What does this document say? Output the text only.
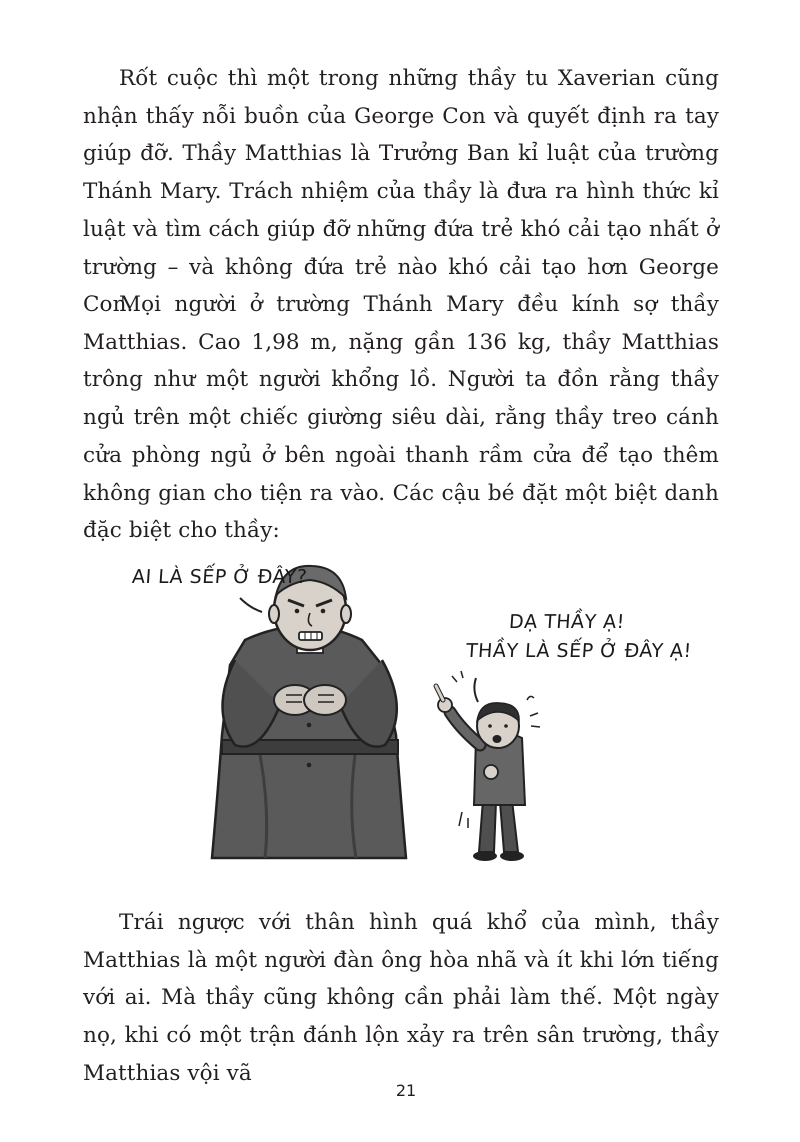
Rốt cuộc thì một trong những thầy tu Xaverian cũng nhận thấy nỗi buồn của George Con và quyết định ra tay giúp đỡ. Thầy Matthias là Trưởng Ban kỉ luật của trường Thánh Mary. Trách nhiệm của thầy là đưa ra hình thức kỉ luật và tìm cách giúp đỡ những đứa trẻ khó cải tạo nhất ở trường – và không đứa trẻ nào khó cải tạo hơn George Con.

Mọi người ở trường Thánh Mary đều kính sợ thầy Matthias. Cao 1,98 m, nặng gần 136 kg, thầy Matthias trông như một người khổng lồ. Người ta đồn rằng thầy ngủ trên một chiếc giường siêu dài, rằng thầy treo cánh cửa phòng ngủ ở bên ngoài thanh rầm cửa để tạo thêm không gian cho tiện ra vào. Các cậu bé đặt một biệt danh đặc biệt cho thầy:

AI LÀ SẾP Ở ĐÂY?
DẠ THẦY Ạ!
THẦY LÀ SẾP Ở ĐÂY Ạ!

Trái ngược với thân hình quá khổ của mình, thầy Matthias là một người đàn ông hòa nhã và ít khi lớn tiếng với ai. Mà thầy cũng không cần phải làm thế. Một ngày nọ, khi có một trận đánh lộn xảy ra trên sân trường, thầy Matthias vội vã

21
